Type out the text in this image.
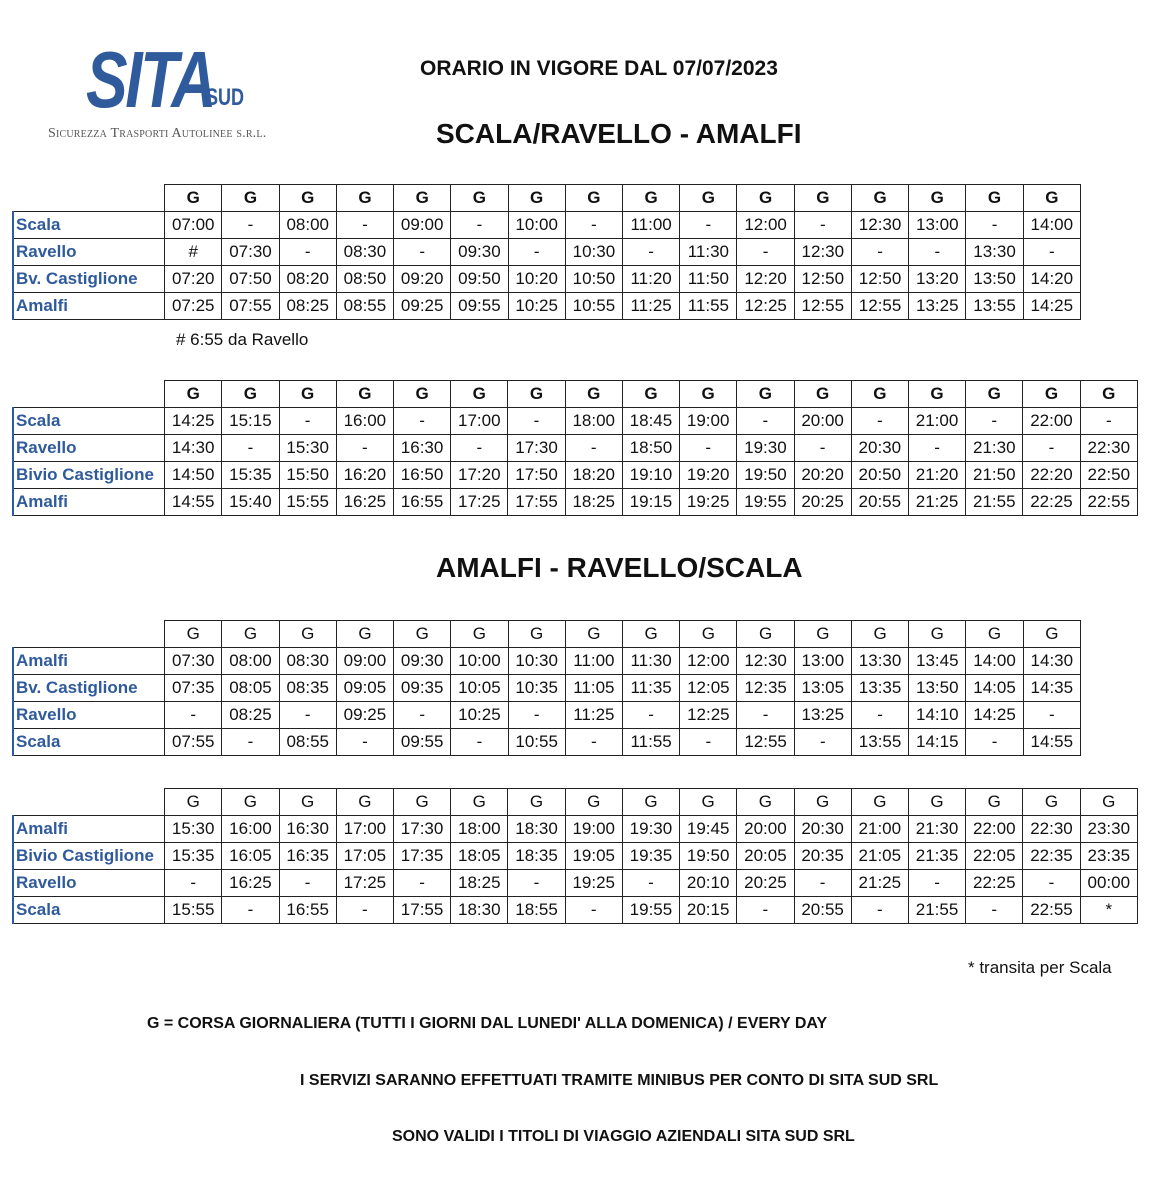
SITA
SUD
Sicurezza Trasporti Autolinee s.r.l.
ORARIO IN VIGORE DAL 07/07/2023
SCALA/RAVELLO - AMALFI
	G	G	G	G	G	G	G	G	G	G	G	G	G	G	G	G
Scala	07:00	-	08:00	-	09:00	-	10:00	-	11:00	-	12:00	-	12:30	13:00	-	14:00
Ravello	#	07:30	-	08:30	-	09:30	-	10:30	-	11:30	-	12:30	-	-	13:30	-
Bv. Castiglione	07:20	07:50	08:20	08:50	09:20	09:50	10:20	10:50	11:20	11:50	12:20	12:50	12:50	13:20	13:50	14:20
Amalfi	07:25	07:55	08:25	08:55	09:25	09:55	10:25	10:55	11:25	11:55	12:25	12:55	12:55	13:25	13:55	14:25
# 6:55 da Ravello
	G	G	G	G	G	G	G	G	G	G	G	G	G	G	G	G	G
Scala	14:25	15:15	-	16:00	-	17:00	-	18:00	18:45	19:00	-	20:00	-	21:00	-	22:00	-
Ravello	14:30	-	15:30	-	16:30	-	17:30	-	18:50	-	19:30	-	20:30	-	21:30	-	22:30
Bivio Castiglione	14:50	15:35	15:50	16:20	16:50	17:20	17:50	18:20	19:10	19:20	19:50	20:20	20:50	21:20	21:50	22:20	22:50
Amalfi	14:55	15:40	15:55	16:25	16:55	17:25	17:55	18:25	19:15	19:25	19:55	20:25	20:55	21:25	21:55	22:25	22:55
AMALFI - RAVELLO/SCALA
	G	G	G	G	G	G	G	G	G	G	G	G	G	G	G	G
Amalfi	07:30	08:00	08:30	09:00	09:30	10:00	10:30	11:00	11:30	12:00	12:30	13:00	13:30	13:45	14:00	14:30
Bv. Castiglione	07:35	08:05	08:35	09:05	09:35	10:05	10:35	11:05	11:35	12:05	12:35	13:05	13:35	13:50	14:05	14:35
Ravello	-	08:25	-	09:25	-	10:25	-	11:25	-	12:25	-	13:25	-	14:10	14:25	-
Scala	07:55	-	08:55	-	09:55	-	10:55	-	11:55	-	12:55	-	13:55	14:15	-	14:55
	G	G	G	G	G	G	G	G	G	G	G	G	G	G	G	G	G
Amalfi	15:30	16:00	16:30	17:00	17:30	18:00	18:30	19:00	19:30	19:45	20:00	20:30	21:00	21:30	22:00	22:30	23:30
Bivio Castiglione	15:35	16:05	16:35	17:05	17:35	18:05	18:35	19:05	19:35	19:50	20:05	20:35	21:05	21:35	22:05	22:35	23:35
Ravello	-	16:25	-	17:25	-	18:25	-	19:25	-	20:10	20:25	-	21:25	-	22:25	-	00:00
Scala	15:55	-	16:55	-	17:55	18:30	18:55	-	19:55	20:15	-	20:55	-	21:55	-	22:55	*
* transita per Scala
G = CORSA GIORNALIERA (TUTTI I GIORNI DAL LUNEDI' ALLA DOMENICA) / EVERY DAY
I SERVIZI SARANNO EFFETTUATI TRAMITE MINIBUS PER CONTO DI SITA SUD SRL
SONO VALIDI I TITOLI DI VIAGGIO AZIENDALI SITA SUD SRL
